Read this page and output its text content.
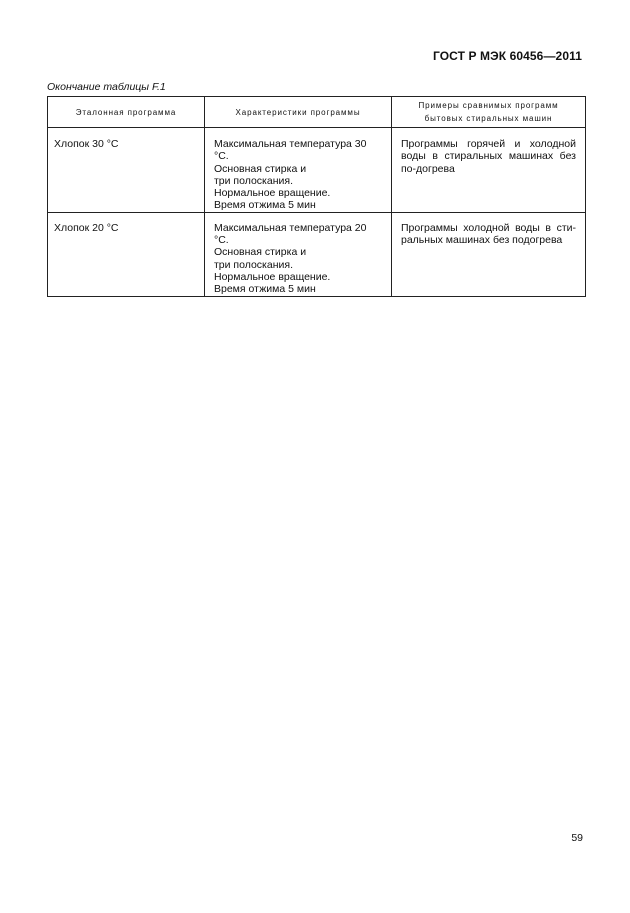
ГОСТ Р МЭК 60456—2011
Окончание таблицы F.1
Эталонная программа	Характеристики программы	Примеры сравнимых программ бытовых стиральных машин
Хлопок 30 °С	Максимальная температура 30 °С.
Основная стирка и
три полоскания.
Нормальное вращение.
Время отжима 5 мин	Программы горячей и холодной воды в стиральных машинах без по-догрева
Хлопок 20 °С	Максимальная температура 20 °С.
Основная стирка и
три полоскания.
Нормальное вращение.
Время отжима 5 мин	Программы холодной воды в сти-ральных машинах без подогрева
59
